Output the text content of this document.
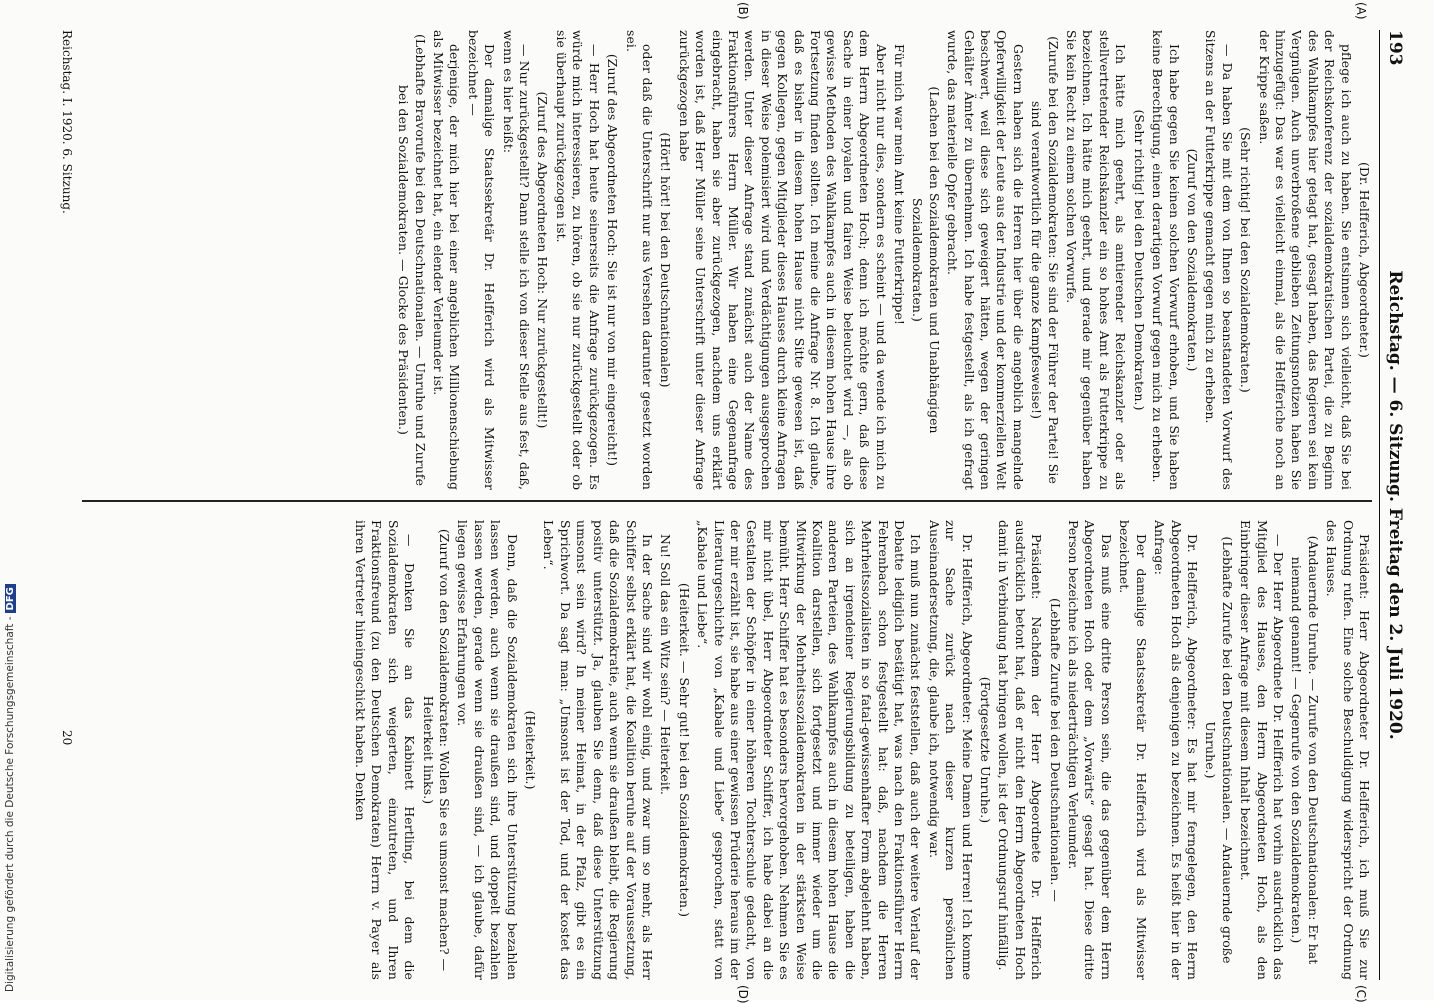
193
Reichstag. — 6. Sitzung. Freitag den 2. Juli 1920.

(Dr. Helfferich, Abgeordneter.)

pflege ich auch zu haben. Sie entsinnen sich vielleicht, daß Sie bei der Reichskonferenz der sozialdemokratischen Partei, die zu Beginn des Wahlkampfes hier getagt hat, gesagt haben, das Regieren sei kein Vergnügen. Auch unverbroßene geblieben Zeitungsnotizen haben Sie hinzugefügt: Das war es vielleicht einmal, als die Helfferiche noch an der Krippe saßen.

(Sehr richtig! bei den Sozialdemokraten.)

— Da haben Sie mit dem von Ihnen so beanstandeten Vorwurf des Sitzens an der Futterkrippe gemacht gegen mich zu erheben.

(Zuruf von den Sozialdemokraten.)

Ich habe gegen Sie keinen solchen Vorwurf erhoben, und Sie haben keine Berechtigung, einen derartigen Vorwurf gegen mich zu erheben.

(Sehr richtig! bei den Deutschen Demokraten.)

Ich hätte mich geehrt, als amtierender Reichskanzler oder als stellvertretender Reichskanzler ein so hohes Amt als Futterkrippe zu bezeichnen. Ich hätte mich geehrt, und gerade mir gegenüber haben Sie kein Recht zu einem solchen Vorwurfe.

(Zurufe bei den Sozialdemokraten: Sie sind der Führer der Partei! Sie sind verantwortlich für die ganze Kampfesweise!)

Gestern haben sich die Herren hier über die angeblich mangelnde Opferwilligkeit der Leute aus der Industrie und der kommerziellen Welt beschwert, weil diese sich geweigert hätten, wegen der geringen Gehälter Ämter zu übernehmen. Ich habe festgestellt, als ich gefragt wurde, das materielle Opfer gebracht.

(Lachen bei den Sozialdemokraten und Unabhängigen Sozialdemokraten.)

Für mich war mein Amt keine Futterkrippe!

Aber nicht nur dies, sondern es scheint — und da wende ich mich zu dem Herrn Abgeordneten Hoch; denn ich möchte gern, daß diese Sache in einer loyalen und fairen Weise beleuchtet wird —, als ob gewisse Methoden des Wahlkampfes auch in diesem hohen Hause ihre Fortsetzung finden sollten. Ich meine die Anfrage Nr. 8. Ich glaube, daß es bisher in diesem hohen Hause nicht Sitte gewesen ist, daß gegen Kollegen, gegen Mitglieder dieses Hauses durch kleine Anfragen in dieser Weise polemisiert wird und Verdächtigungen ausgesprochen werden. Unter dieser Anfrage stand zunächst auch der Name des Fraktionsführers Herrn Müller. Wir haben eine Gegenanfrage eingebracht, haben sie aber zurückgezogen, nachdem uns erklärt worden ist, daß Herr Müller seine Unterschrift unter dieser Anfrage zurückgezogen habe

(Hört! hört! bei den Deutschnationalen)

oder daß die Unterschrift nur aus Versehen darunter gesetzt worden sei.

(Zuruf des Abgeordneten Hoch: Sie ist nur von mir eingereicht!)

— Herr Hoch hat heute seinerseits die Anfrage zurückgezogen. Es würde mich interessieren, zu hören, ob sie nur zurückgestellt oder ob sie überhaupt zurückgezogen ist.

(Zuruf des Abgeordneten Hoch: Nur zurückgestellt!)

— Nur zurückgestellt? Dann stelle ich von dieser Stelle aus fest, daß, wenn es hier heißt:

Der damalige Staatssekretär Dr. Helfferich wird als Mitwisser bezeichnet —

derjenige, der mich hier bei einer angeblichen Millionenschiebung als Mitwisser bezeichnet hat, ein elender Verleumder ist.

(Lebhafte Bravorufe bei den Deutschnationalen. — Unruhe und Zurufe bei den Sozialdemokraten. — Glocke des Präsidenten.)

Präsident: Herr Abgeordneter Dr. Helfferich, ich muß Sie zur Ordnung rufen. Eine solche Beschuldigung widerspricht der Ordnung des Hauses.

(Andauernde Unruhe. — Zurufe von den Deutschnationalen: Er hat niemand genannt! — Gegenrufe von den Sozialdemokraten.)

— Der Herr Abgeordnete Dr. Helfferich hat vorhin ausdrücklich das Mitglied des Hauses, den Herrn Abgeordneten Hoch, als den Einbringer dieser Anfrage mit diesem Inhalt bezeichnet.

(Lebhafte Zurufe bei den Deutschnationalen. — Andauernde große Unruhe.)

Dr. Helfferich, Abgeordneter: Es hat mir ferngelegen, den Herrn Abgeordneten Hoch als denjenigen zu bezeichnen. Es heißt hier in der Anfrage:

Der damalige Staatssekretär Dr. Helfferich wird als Mitwisser bezeichnet.

Das muß eine dritte Person sein, die das gegenüber dem Herrn Abgeordneten Hoch oder dem „Vorwärts“ gesagt hat. Diese dritte Person bezeichne ich als niederträchtigen Verleumder.

(Lebhafte Zurufe bei den Deutschnationalen. —

Präsident: Nachdem der Herr Abgeordnete Dr. Helfferich ausdrücklich betont hat, daß er nicht den Herrn Abgeordneten Hoch damit in Verbindung hat bringen wollen, ist der Ordnungsruf hinfällig.

(Fortgesetzte Unruhe.)

Dr. Helfferich, Abgeordneter: Meine Damen und Herren! Ich komme zur Sache zurück nach dieser kurzen persönlichen Auseinandersetzung, die, glaube ich, notwendig war.

Ich muß nun zunächst feststellen, daß auch der weitere Verlauf der Debatte lediglich bestätigt hat, was nach den Fraktionsführer Herrn Fehrenbach schon festgestellt hat: daß, nachdem die Herren Mehrheitssozialisten in so fatal-gewissenhafter Form abgelehnt haben, sich an irgendeiner Regierungsbildung zu beteiligen, haben die anderen Parteien, des Wahlkampfes auch in diesem hohen Hause die Koalition darstellen, sich fortgesetzt und immer wieder um die Mitwirkung der Mehrheitssozialdemokraten in der stärksten Weise bemüht. Herr Schiffer hat es besonders hervorgehoben. Nehmen Sie es mir nicht übel, Herr Abgeordneter Schiffer, ich habe dabei an die Gestalten der Schöpfer in einer höheren Tochterschule gedacht, von der mir erzählt ist, sie habe aus einer gewissen Prüderie heraus im der Literaturgeschichte von „Kabale und Liebe“ gesprochen, statt von „Kabale und Liebe“.

(Heiterkeit. — Sehr gut! bei den Sozialdemokraten.)

Nu! Soll das ein Witz sein? — Heiterkeit.

In der Sache sind wir wohl einig, und zwar um so mehr, als Herr Schiffer selbst erklärt hat, die Koalition beruhe auf der Voraussetzung, daß die Sozialdemokratie, auch wenn sie draußen bleibt, die Regierung positiv unterstützt. Ja, glauben Sie denn, daß diese Unterstützung umsonst sein wird? In meiner Heimat, in der Pfalz, gibt es ein Sprichwort. Da sagt man: „Umsonst ist der Tod, und der kostet das Leben“.

(Heiterkeit.)

Denn, daß die Sozialdemokraten sich ihre Unterstützung bezahlen lassen werden, auch wenn sie draußen sind, und doppelt bezahlen lassen werden, gerade wenn sie draußen sind, — ich glaube, dafür liegen gewisse Erfahrungen vor.

(Zuruf von den Sozialdemokraten: Wollen Sie es umsonst machen? — Heiterkeit links.)

— Denken Sie an das Kabinett Hertling, bei dem die Sozialdemokraten sich weigerten, einzutreten, und Ihren Fraktionsfreund (zu den Deutschen Demokraten) Herrn v. Payer als ihren Vertreter hineingeschickt haben. Denken

(A)
(B)
(C)
(D)
Reichstag. I. 1920. 6. Sitzung.
20
Digitalisierung gefördert durch die Deutsche Forschungsgemeinschaft -DFG
